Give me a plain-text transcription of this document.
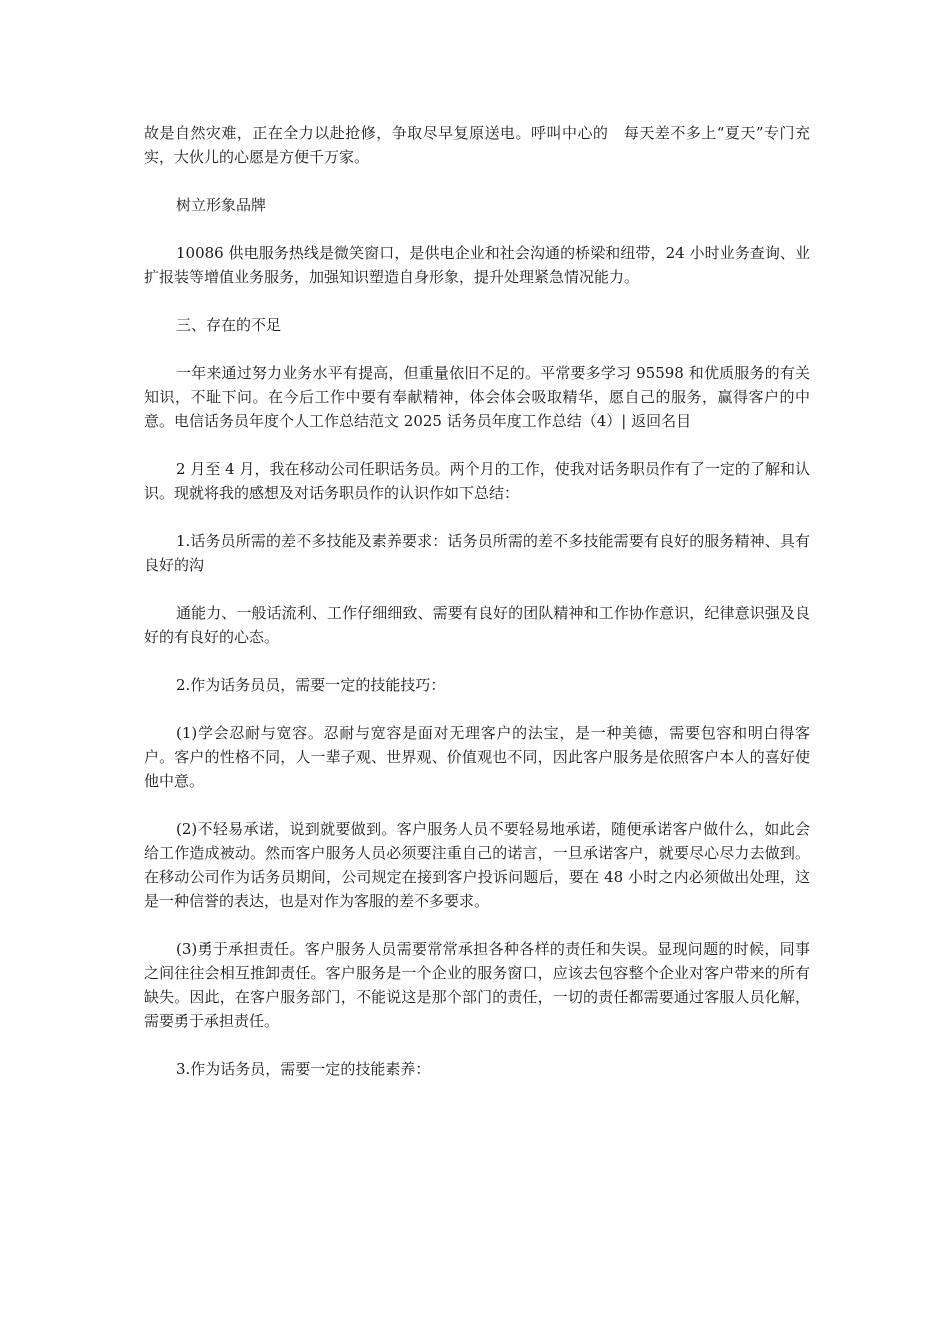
故是自然灾难，正在全力以赴抢修，争取尽早复原送电。呼叫中心的　每天差不多上“夏天”专门充实，大伙儿的心愿是方便千万家。

树立形象品牌

10086 供电服务热线是微笑窗口，是供电企业和社会沟通的桥梁和纽带，24 小时业务查询、业扩报装等增值业务服务，加强知识塑造自身形象，提升处理紧急情况能力。

三、存在的不足

一年来通过努力业务水平有提高，但重量依旧不足的。平常要多学习 95598 和优质服务的有关知识，不耻下问。在今后工作中要有奉献精神，体会体会吸取精华，愿自己的服务，赢得客户的中意。电信话务员年度个人工作总结范文 2025 话务员年度工作总结（4）| 返回名目

2 月至 4 月，我在移动公司任职话务员。两个月的工作，使我对话务职员作有了一定的了解和认识。现就将我的感想及对话务职员作的认识作如下总结：

1.话务员所需的差不多技能及素养要求：话务员所需的差不多技能需要有良好的服务精神、具有良好的沟

通能力、一般话流利、工作仔细细致、需要有良好的团队精神和工作协作意识，纪律意识强及良好的有良好的心态。

2.作为话务员员，需要一定的技能技巧：

(1)学会忍耐与宽容。忍耐与宽容是面对无理客户的法宝，是一种美德，需要包容和明白得客户。客户的性格不同，人一辈子观、世界观、价值观也不同，因此客户服务是依照客户本人的喜好使他中意。

(2)不轻易承诺，说到就要做到。客户服务人员不要轻易地承诺，随便承诺客户做什么，如此会给工作造成被动。然而客户服务人员必须要注重自己的诺言，一旦承诺客户，就要尽心尽力去做到。在移动公司作为话务员期间，公司规定在接到客户投诉问题后，要在 48 小时之内必须做出处理，这是一种信誉的表达，也是对作为客服的差不多要求。

(3)勇于承担责任。客户服务人员需要常常承担各种各样的责任和失误。显现问题的时候，同事之间往往会相互推卸责任。客户服务是一个企业的服务窗口，应该去包容整个企业对客户带来的所有缺失。因此，在客户服务部门，不能说这是那个部门的责任，一切的责任都需要通过客服人员化解，需要勇于承担责任。

3.作为话务员，需要一定的技能素养：
